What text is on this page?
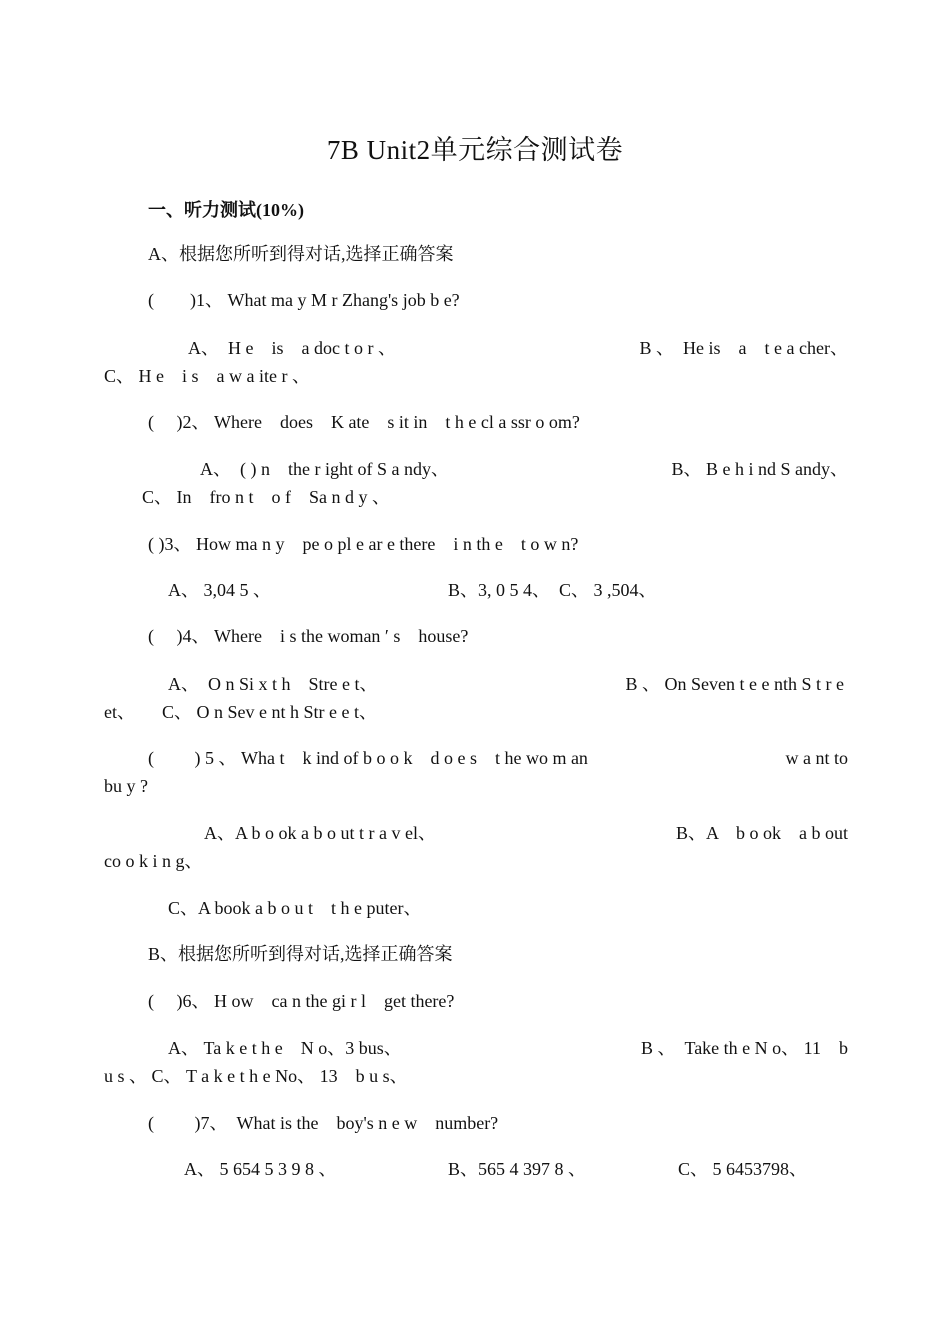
7B Unit2单元综合测试卷
一、听力测试(10%)
A、根据您所听到得对话,选择正确答案
(　　)1、 What ma y M r Zhang's job b e?
A、　H e　is　a doc t o r 、	B 、　He is　a　t e a cher、
C、 H e　i s　a w a ite r 、
(　 )2、 Where　does　K ate　s it in　t h e cl a ssr o om?
A、　( ) n　the r ight of S a ndy、	B、 B e h i nd S andy、
C、 In　fro n t　o f　Sa n d y 、
( )3、 How ma n y　pe o pl e ar e there　i n th e　t o w n?
A、 3,04 5 、	B、3, 0 5 4、　C、 3 ,504、
(　 )4、 Where　i s the woman ′ s　house?
A、　O n Si x t h　Stre e t、	B 、 On Seven t e e nth S t r e
et、　　C、 O n Sev e nt h Str e e t、
(　　 ) 5 、 Wha t　k ind of b o o k　d o e s　t he wo m an	w a nt to
bu y ?
A、A b o ok a b o ut t r a v el、	B、A　b o ok　a b out
co o k i n g、
C、A book a b o u t　t h e puter、
B、根据您所听到得对话,选择正确答案
(　 )6、 H ow　ca n the gi r l　get there?
A、 Ta k e t h e　N o、3 bus、	B 、　Take th e N o、 11　b
u s 、 C、 T a k e t h e No、 13　b u s、
(　　 )7、　What is the　boy's n e w　number?
A、 5 654 5 3 9 8 、	B、565 4 397 8 、	C、 5 6453798、
